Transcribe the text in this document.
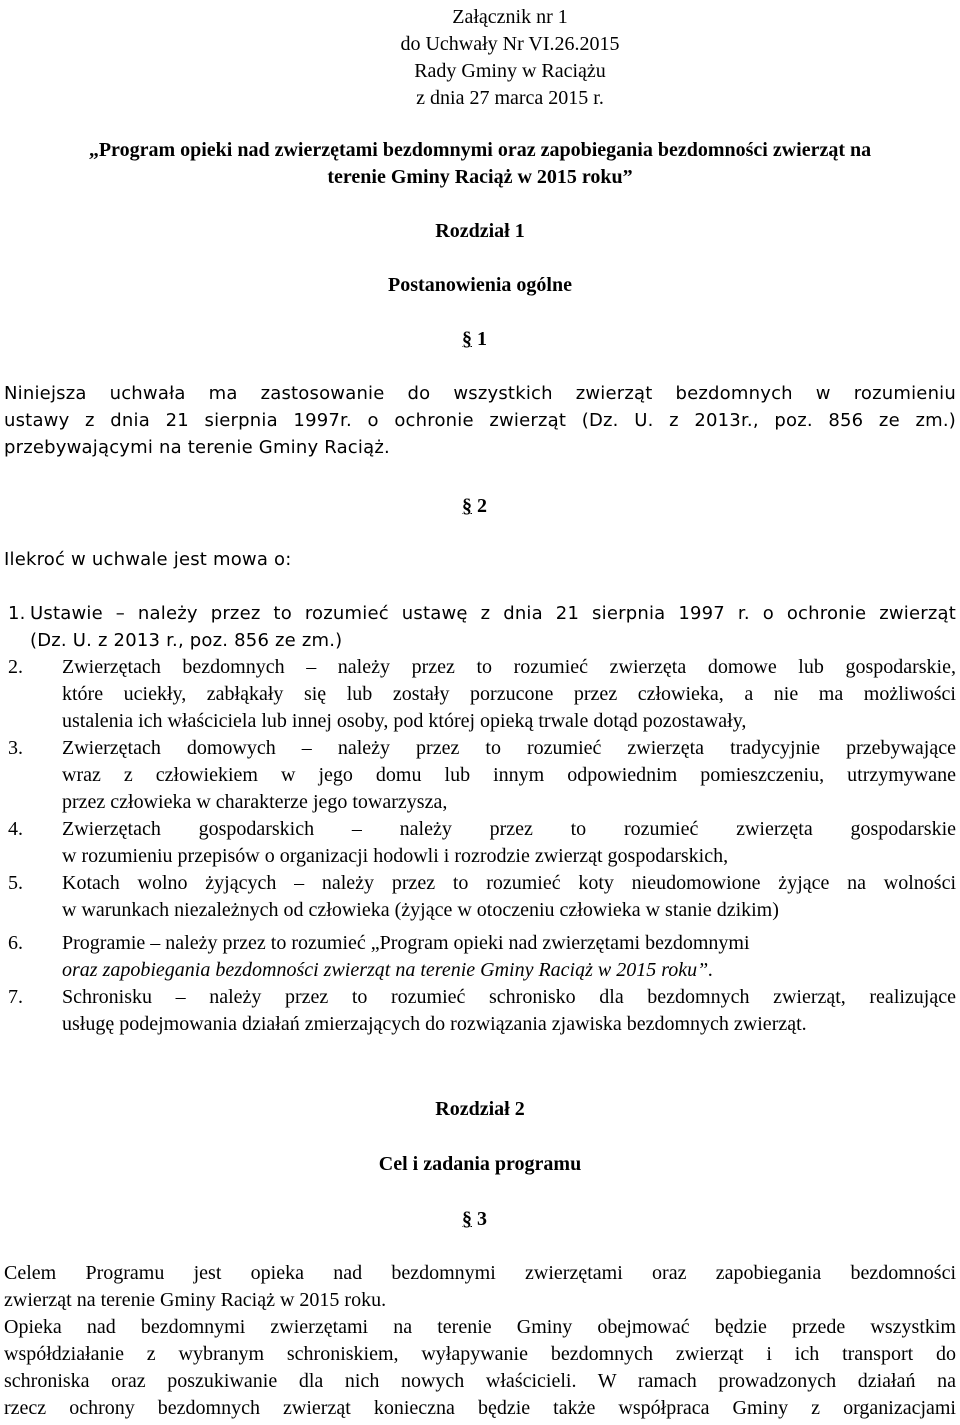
Załącznik nr 1
do Uchwały Nr VI.26.2015
Rady Gminy w Raciążu
z dnia 27 marca 2015 r.
„Program opieki nad zwierzętami bezdomnymi oraz zapobiegania bezdomności zwierząt na
terenie Gminy Raciąż w 2015 roku”
Rozdział 1
Postanowienia ogólne
§ 1
Niniejsza uchwała ma zastosowanie do wszystkich zwierząt bezdomnych w rozumieniu
ustawy z dnia 21 sierpnia 1997r. o ochronie zwierząt (Dz. U. z 2013r., poz. 856 ze zm.)
przebywającymi na terenie Gminy Raciąż.
§ 2
Ilekroć w uchwale jest mowa o:
1. Ustawie – należy przez to rozumieć ustawę z dnia 21 sierpnia 1997 r. o ochronie zwierząt
(Dz. U. z 2013 r., poz. 856 ze zm.)
2. Zwierzętach bezdomnych – należy przez to rozumieć zwierzęta domowe lub gospodarskie,
które uciekły, zabłąkały się lub zostały porzucone przez człowieka, a nie ma możliwości
ustalenia ich właściciela lub innej osoby, pod której opieką trwale dotąd pozostawały,
3. Zwierzętach domowych – należy przez to rozumieć zwierzęta tradycyjnie przebywające
wraz z człowiekiem w jego domu lub innym odpowiednim pomieszczeniu, utrzymywane
przez człowieka w charakterze jego towarzysza,
4. Zwierzętach gospodarskich – należy przez to rozumieć zwierzęta gospodarskie
w rozumieniu przepisów o organizacji hodowli i rozrodzie zwierząt gospodarskich,
5. Kotach wolno żyjących – należy przez to rozumieć koty nieudomowione żyjące na wolności
w warunkach niezależnych od człowieka (żyjące w otoczeniu człowieka w stanie dzikim)
6. Programie – należy przez to rozumieć „Program opieki nad zwierzętami bezdomnymi
oraz zapobiegania bezdomności zwierząt na terenie Gminy Raciąż w 2015 roku”.
7. Schronisku – należy przez to rozumieć schronisko dla bezdomnych zwierząt, realizujące
usługę podejmowania działań zmierzających do rozwiązania zjawiska bezdomnych zwierząt.
Rozdział 2
Cel i zadania programu
§ 3
Celem Programu jest opieka nad bezdomnymi zwierzętami oraz zapobiegania bezdomności
zwierząt na terenie Gminy Raciąż w 2015 roku.
Opieka nad bezdomnymi zwierzętami na terenie Gminy obejmować będzie przede wszystkim
współdziałanie z wybranym schroniskiem, wyłapywanie bezdomnych zwierząt i ich transport do
schroniska oraz poszukiwanie dla nich nowych właścicieli. W ramach prowadzonych działań na
rzecz ochrony bezdomnych zwierząt konieczna będzie także współpraca Gminy z organizacjami
